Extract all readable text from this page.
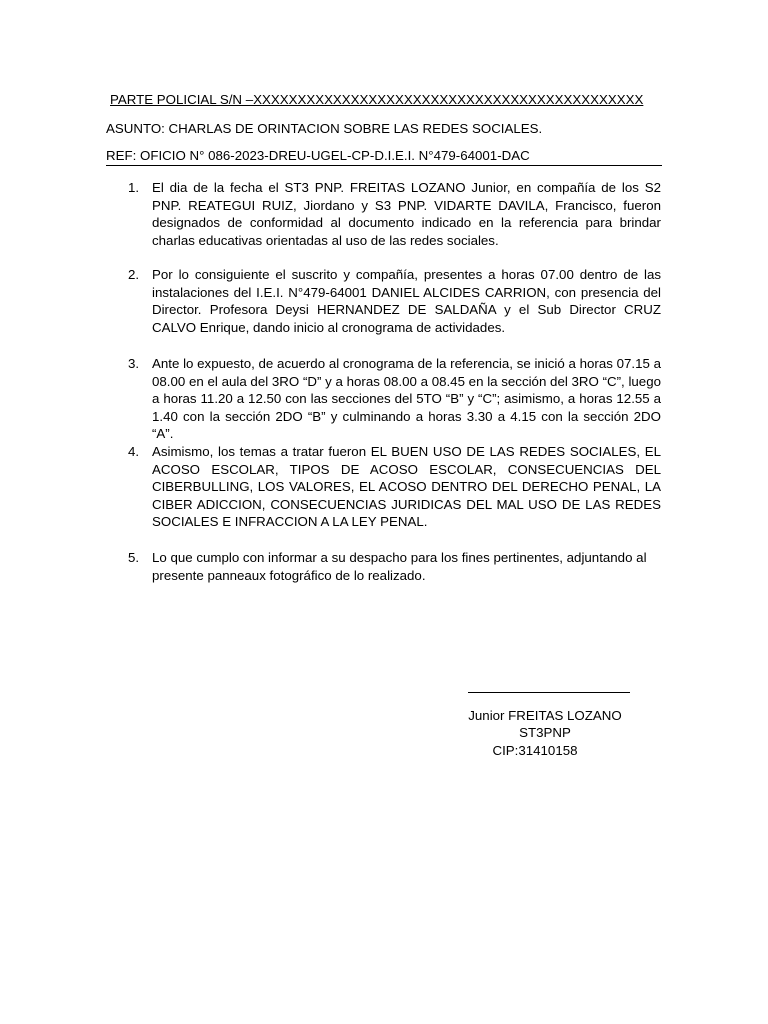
PARTE POLICIAL S/N –XXXXXXXXXXXXXXXXXXXXXXXXXXXXXXXXXXXXXXXXXXXX
ASUNTO: CHARLAS DE ORINTACION SOBRE LAS REDES SOCIALES.
REF: OFICIO N° 086-2023-DREU-UGEL-CP-D.I.E.I. N°479-64001-DAC
1. El dia de la fecha el ST3 PNP. FREITAS LOZANO Junior, en compañía de los S2 PNP. REATEGUI RUIZ, Jiordano y S3 PNP. VIDARTE DAVILA, Francisco, fueron designados de conformidad al documento indicado en la referencia para brindar charlas educativas orientadas al uso de las redes sociales.
2. Por lo consiguiente el suscrito y compañía, presentes a horas 07.00 dentro de las instalaciones del I.E.I. N°479-64001 DANIEL ALCIDES CARRION, con presencia del Director. Profesora Deysi HERNANDEZ DE SALDAÑA y el Sub Director CRUZ CALVO Enrique, dando inicio al cronograma de actividades.
3. Ante lo expuesto, de acuerdo al cronograma de la referencia, se inició a horas 07.15 a 08.00 en el aula del 3RO “D” y a horas 08.00 a 08.45 en la sección del 3RO “C”, luego a horas 11.20 a 12.50 con las secciones del 5TO “B” y “C”; asimismo, a horas 12.55 a 1.40 con la sección 2DO “B” y culminando a horas 3.30 a 4.15 con la sección 2DO “A”.
4. Asimismo, los temas a tratar fueron EL BUEN USO DE LAS REDES SOCIALES, EL ACOSO ESCOLAR, TIPOS DE ACOSO ESCOLAR, CONSECUENCIAS DEL CIBERBULLING, LOS VALORES, EL ACOSO DENTRO DEL DERECHO PENAL, LA CIBER ADICCION, CONSECUENCIAS JURIDICAS DEL MAL USO DE LAS REDES SOCIALES E INFRACCION A LA LEY PENAL.
5. Lo que cumplo con informar a su despacho para los fines pertinentes, adjuntando al presente panneaux fotográfico de lo realizado.
Junior FREITAS LOZANO
ST3PNP
CIP:31410158
